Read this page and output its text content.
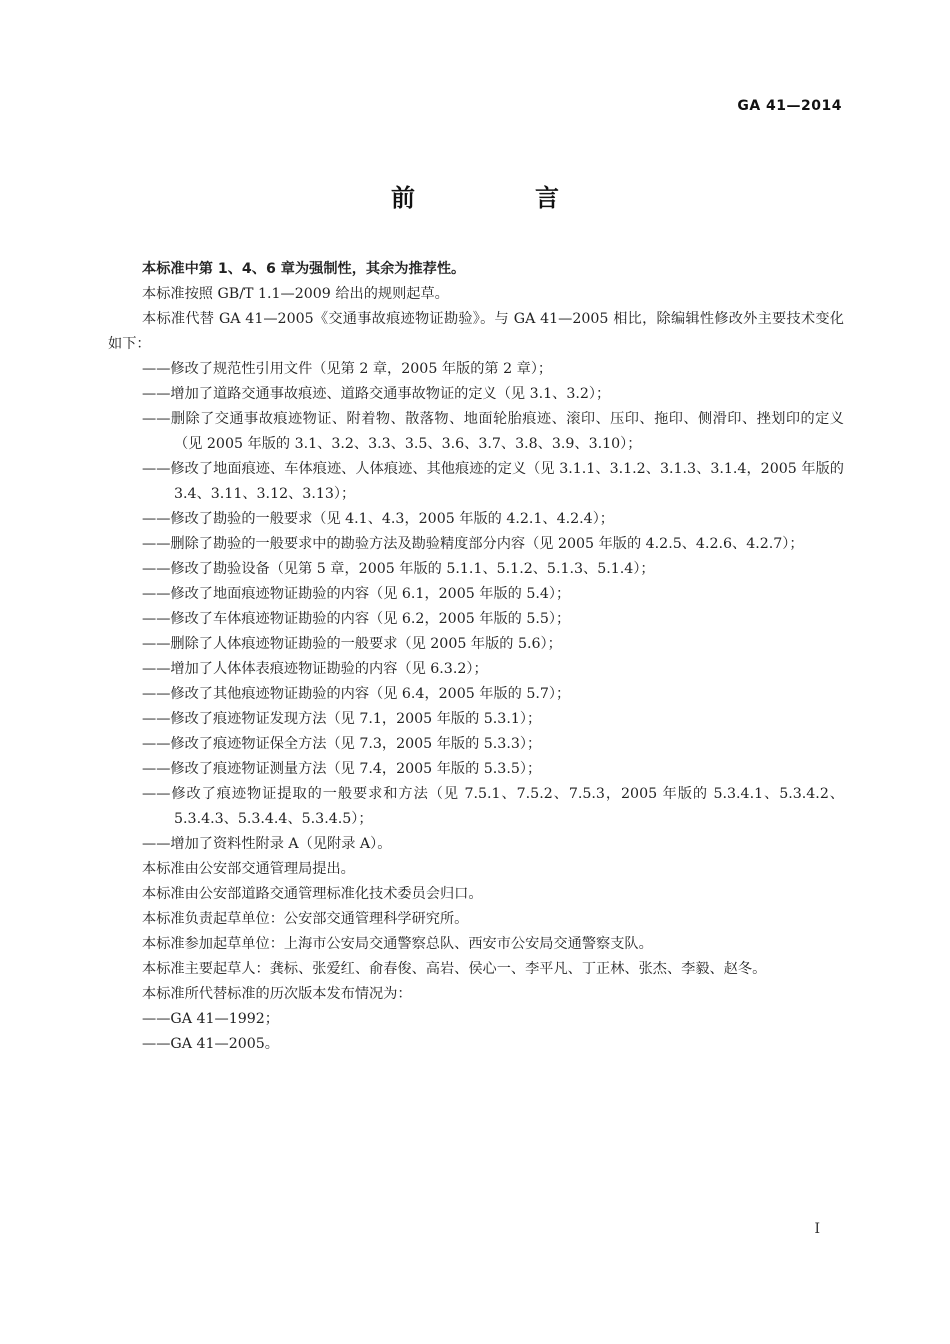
GA 41—2014
前　言

本标准中第 1、4、6 章为强制性，其余为推荐性。

本标准按照 GB/T 1.1—2009 给出的规则起草。

本标准代替 GA 41—2005《交通事故痕迹物证勘验》。与 GA 41—2005 相比，除编辑性修改外主要技术变化如下：

——修改了规范性引用文件（见第 2 章，2005 年版的第 2 章）；

——增加了道路交通事故痕迹、道路交通事故物证的定义（见 3.1、3.2）；

——删除了交通事故痕迹物证、附着物、散落物、地面轮胎痕迹、滚印、压印、拖印、侧滑印、挫划印的定义（见 2005 年版的 3.1、3.2、3.3、3.5、3.6、3.7、3.8、3.9、3.10）；

——修改了地面痕迹、车体痕迹、人体痕迹、其他痕迹的定义（见 3.1.1、3.1.2、3.1.3、3.1.4，2005 年版的 3.4、3.11、3.12、3.13）；

——修改了勘验的一般要求（见 4.1、4.3，2005 年版的 4.2.1、4.2.4）；

——删除了勘验的一般要求中的勘验方法及勘验精度部分内容（见 2005 年版的 4.2.5、4.2.6、4.2.7）；

——修改了勘验设备（见第 5 章，2005 年版的 5.1.1、5.1.2、5.1.3、5.1.4）；

——修改了地面痕迹物证勘验的内容（见 6.1，2005 年版的 5.4）；

——修改了车体痕迹物证勘验的内容（见 6.2，2005 年版的 5.5）；

——删除了人体痕迹物证勘验的一般要求（见 2005 年版的 5.6）；

——增加了人体体表痕迹物证勘验的内容（见 6.3.2）；

——修改了其他痕迹物证勘验的内容（见 6.4，2005 年版的 5.7）；

——修改了痕迹物证发现方法（见 7.1，2005 年版的 5.3.1）；

——修改了痕迹物证保全方法（见 7.3，2005 年版的 5.3.3）；

——修改了痕迹物证测量方法（见 7.4，2005 年版的 5.3.5）；

——修改了痕迹物证提取的一般要求和方法（见 7.5.1、7.5.2、7.5.3，2005 年版的 5.3.4.1、5.3.4.2、5.3.4.3、5.3.4.4、5.3.4.5）；

——增加了资料性附录 A（见附录 A）。

本标准由公安部交通管理局提出。

本标准由公安部道路交通管理标准化技术委员会归口。

本标准负责起草单位：公安部交通管理科学研究所。

本标准参加起草单位：上海市公安局交通警察总队、西安市公安局交通警察支队。

本标准主要起草人：龚标、张爱红、俞春俊、高岩、侯心一、李平凡、丁正林、张杰、李毅、赵冬。

本标准所代替标准的历次版本发布情况为：

——GA 41—1992；

——GA 41—2005。

I
